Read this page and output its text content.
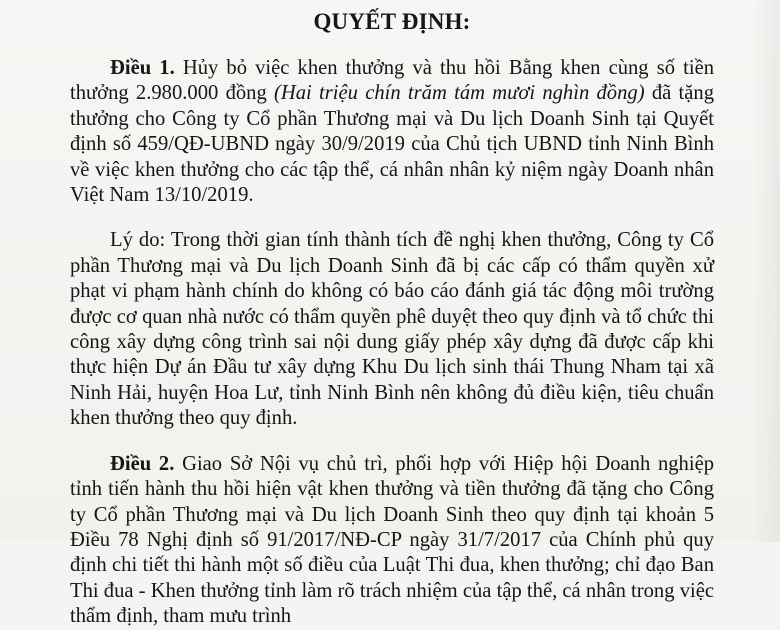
QUYẾT ĐỊNH:

Điều 1. Hủy bỏ việc khen thưởng và thu hồi Bằng khen cùng số tiền thưởng 2.980.000 đồng (Hai triệu chín trăm tám mươi nghìn đồng) đã tặng thưởng cho Công ty Cổ phần Thương mại và Du lịch Doanh Sinh tại Quyết định số 459/QĐ-UBND ngày 30/9/2019 của Chủ tịch UBND tỉnh Ninh Bình về việc khen thưởng cho các tập thể, cá nhân nhân kỷ niệm ngày Doanh nhân Việt Nam 13/10/2019.

Lý do: Trong thời gian tính thành tích đề nghị khen thưởng, Công ty Cổ phần Thương mại và Du lịch Doanh Sinh đã bị các cấp có thẩm quyền xử phạt vi phạm hành chính do không có báo cáo đánh giá tác động môi trường được cơ quan nhà nước có thẩm quyền phê duyệt theo quy định và tổ chức thi công xây dựng công trình sai nội dung giấy phép xây dựng đã được cấp khi thực hiện Dự án Đầu tư xây dựng Khu Du lịch sinh thái Thung Nham tại xã Ninh Hải, huyện Hoa Lư, tỉnh Ninh Bình nên không đủ điều kiện, tiêu chuẩn khen thưởng theo quy định.

Điều 2. Giao Sở Nội vụ chủ trì, phối hợp với Hiệp hội Doanh nghiệp tỉnh tiến hành thu hồi hiện vật khen thưởng và tiền thưởng đã tặng cho Công ty Cổ phần Thương mại và Du lịch Doanh Sinh theo quy định tại khoản 5 Điều 78 Nghị định số 91/2017/NĐ-CP ngày 31/7/2017 của Chính phủ quy định chi tiết thi hành một số điều của Luật Thi đua, khen thưởng; chỉ đạo Ban Thi đua - Khen thưởng tỉnh làm rõ trách nhiệm của tập thể, cá nhân trong việc thẩm định, tham mưu trình
